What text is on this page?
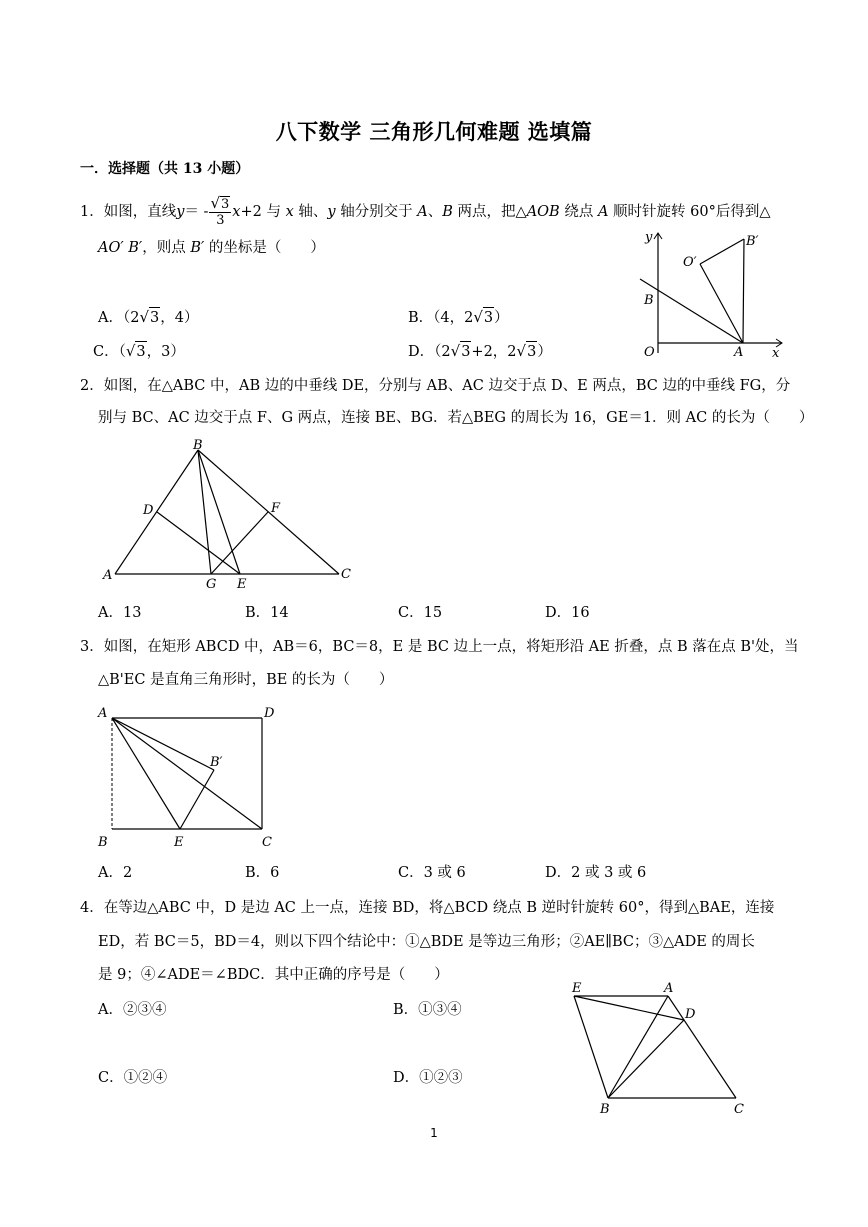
八下数学 三角形几何难题 选填篇
一．选择题（共 13 小题）
1．如图，直线$y= - \frac{√3}{3} x+2$ 与 x 轴、y 轴分别交于 A、B 两点，把△AOB 绕点 A 顺时针旋转 60°后得到△
AO′ B′，则点 B′ 的坐标是（　　）
A．（2√3，4）	B．（4，2√3）
C．（√3，3）	D．（2√3+2，2√3）
y
x
O	A
B
O′
B′
2．如图，在△ABC 中，AB 边的中垂线 DE，分别与 AB、AC 边交于点 D、E 两点，BC 边的中垂线 FG，分
别与 BC、AC 边交于点 F、G 两点，连接 BE、BG．若△BEG 的周长为 16，GE＝1．则 AC 的长为（　　）
A
B
C
D
E
F
G
A．13	B．14	C．15	D．16
3．如图，在矩形 ABCD 中，AB＝6，BC＝8，E 是 BC 边上一点，将矩形沿 AE 折叠，点 B 落在点 B'处，当
△B'EC 是直角三角形时，BE 的长为（　　）
A	D
B	C
E
B′
A．2	B．6	C．3 或 6	D．2 或 3 或 6
4．在等边△ABC 中，D 是边 AC 上一点，连接 BD，将△BCD 绕点 B 逆时针旋转 60°，得到△BAE，连接
ED，若 BC＝5，BD＝4，则以下四个结论中：①△BDE 是等边三角形；②AE∥BC；③△ADE 的周长
是 9；④∠ADE＝∠BDC．其中正确的序号是（　　）
A．②③④	B．①③④
C．①②④	D．①②③
E	A
D
B	C
1
